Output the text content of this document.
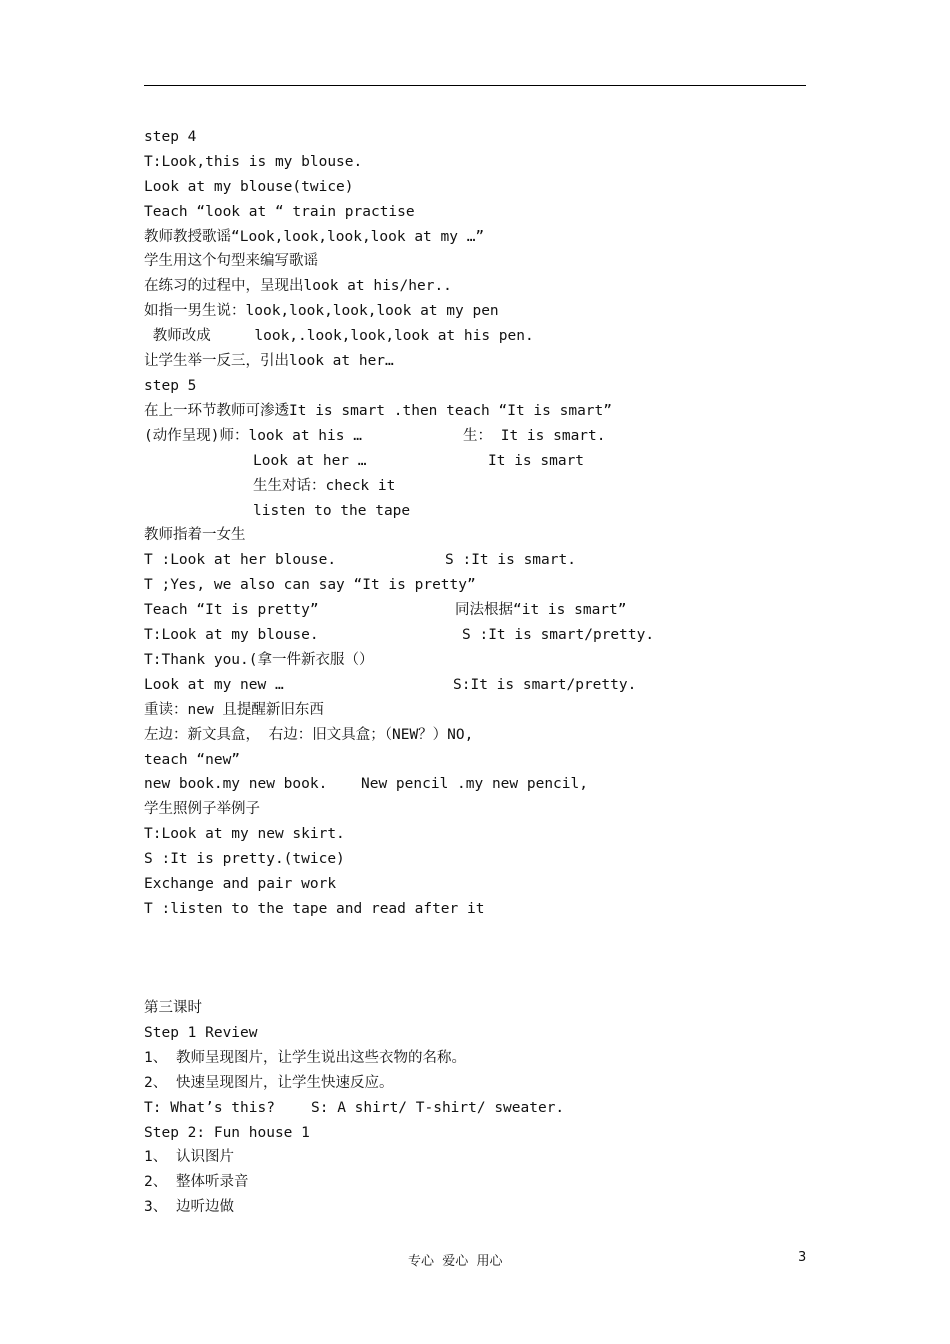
step 4
T:Look,this is my blouse.
Look at my blouse(twice)
Teach “look at “ train practise
教师教授歌谣“Look,look,look,look at my …”
学生用这个句型来编写歌谣
在练习的过程中，呈现出look at his/her..
如指一男生说：look,look,look,look at my pen
教师改成     look,.look,look,look at his pen.
让学生举一反三，引出look at her…
step 5
在上一环节教师可渗透It is smart .then teach “It is smart”
(动作呈现)师：look at his …	生： It is smart.
Look at her …	It is smart
生生对话：check it
listen to the tape
教师指着一女生
T :Look at her blouse.	S :It is smart.
T ;Yes, we also can say “It is pretty”
Teach “It is pretty”	同法根据“it is smart”
T:Look at my blouse.	S :It is smart/pretty.
T:Thank you.(拿一件新衣服（）
Look at my new …	S:It is smart/pretty.
重读：new 且提醒新旧东西
左边：新文具盒， 右边：旧文具盒；（NEW？）NO,
teach “new”
new book.my new book. New pencil .my new pencil,
学生照例子举例子
T:Look at my new skirt.
S :It is pretty.(twice)
Exchange and pair work
T :listen to the tape and read after it
第三课时
Step 1 Review
1、 教师呈现图片，让学生说出这些衣物的名称。
2、 快速呈现图片，让学生快速反应。
T: What’s this? S: A shirt/ T-shirt/ sweater.
Step 2: Fun house 1
1、 认识图片
2、 整体听录音
3、 边听边做
专心  爱心  用心	3
